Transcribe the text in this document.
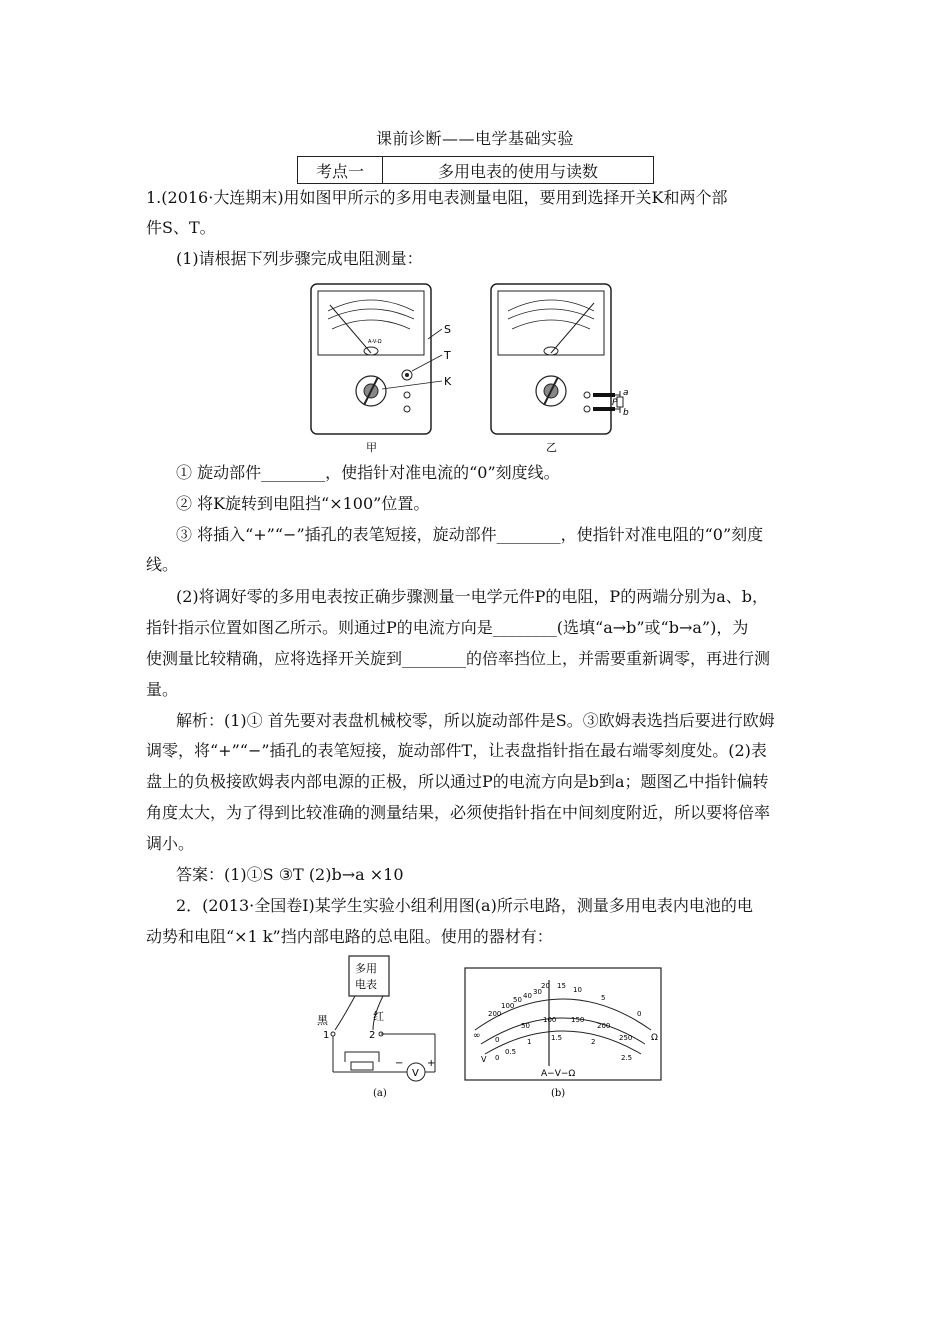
课前诊断——电学基础实验
考点一	多用电表的使用与读数
1.(2016·大连期末)用如图甲所示的多用电表测量电阻，要用到选择开关K和两个部
件S、T。
(1)请根据下列步骤完成电阻测量：
A-V-Ω
S
T
K
甲
P
a
b
乙
① 旋动部件________，使指针对准电流的“0”刻度线。
② 将K旋转到电阻挡“×100”位置。
③ 将插入“+”“−”插孔的表笔短接，旋动部件________，使指针对准电阻的“0”刻度
线。
(2)将调好零的多用电表按正确步骤测量一电学元件P的电阻，P的两端分别为a、b，
指针指示位置如图乙所示。则通过P的电流方向是________(选填“a→b”或“b→a”)，为
使测量比较精确，应将选择开关旋到________的倍率挡位上，并需要重新调零，再进行测
量。
解析：(1)① 首先要对表盘机械校零，所以旋动部件是S。③欧姆表选挡后要进行欧姆
调零，将“+”“−”插孔的表笔短接，旋动部件T，让表盘指针指在最右端零刻度处。(2)表
盘上的负极接欧姆表内部电源的正极，所以通过P的电流方向是b到a；题图乙中指针偏转
角度太大，为了得到比较准确的测量结果，必须使指针指在中间刻度附近，所以要将倍率
调小。
答案：(1)①S ③T (2)b→a ×10
2．(2013·全国卷Ⅰ)某学生实验小组利用图(a)所示电路，测量多用电表内电池的电
动势和电阻“×1 k”挡内部电路的总电阻。使用的器材有：
多用
电表
黑	红
1	2
V
− +
(a)
∞	Ω
V
200
100
50 40 30
20 15 10
5
0
0
50
100 150
200
250
0
0.5
1	1.5	2
2.5
A−V−Ω
(b)
